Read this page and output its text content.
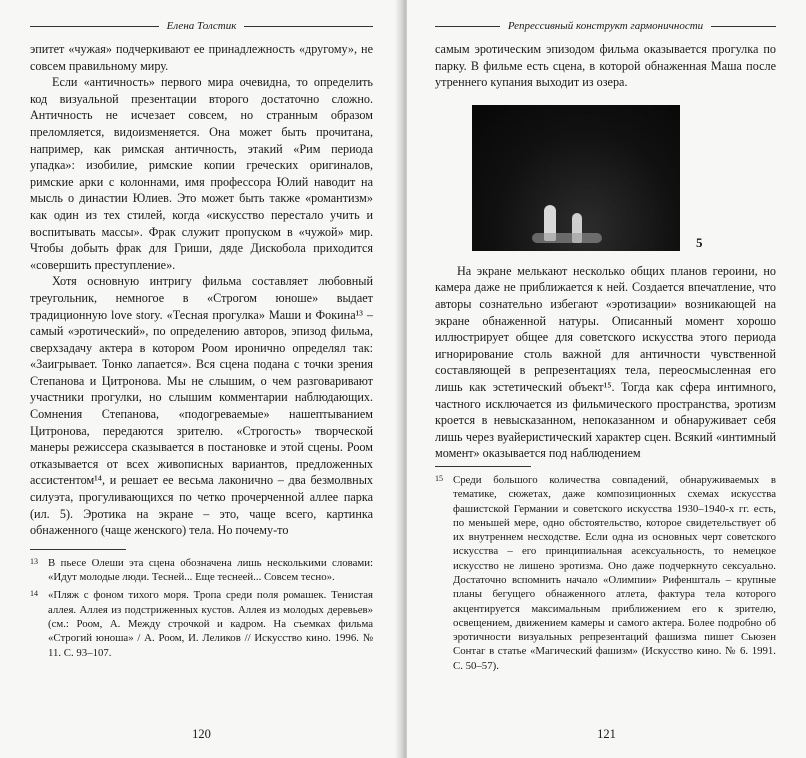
Елена Толстик

эпитет «чужая» подчеркивают ее принадлежность «другому», не совсем правильному миру.

Если «античность» первого мира очевидна, то определить код визуальной презентации второго достаточно сложно. Античность не исчезает совсем, но странным образом преломляется, видоизменяется. Она может быть прочитана, например, как римская античность, этакий «Рим периода упадка»: изобилие, римские копии греческих оригиналов, римские арки с колоннами, имя профессора Юлий наводит на мысль о династии Юлиев. Это может быть также «романтизм» как один из тех стилей, когда «искусство перестало учить и воспитывать массы». Фрак служит пропуском в «чужой» мир. Чтобы добыть фрак для Гриши, дяде Дискобола приходится «совершить преступление».

Хотя основную интригу фильма составляет любовный треугольник, немногое в «Строгом юноше» выдает традиционную love story. «Тесная прогулка» Маши и Фокина¹³ – самый «эротический», по определению авторов, эпизод фильма, сверхзадачу актера в котором Роом иронично определял так: «Заигрывает. Тонко лапается». Вся сцена подана с точки зрения Степанова и Цитронова. Мы не слышим, о чем разговаривают участники прогулки, но слышим комментарии наблюдающих. Сомнения Степанова, «подогреваемые» нашептыванием Цитронова, передаются зрителю. «Строгость» творческой манеры режиссера сказывается в постановке и этой сцены. Роом отказывается от всех живописных вариантов, предложенных ассистентом¹⁴, и решает ее весьма лаконично – два безмолвных силуэта, прогуливающихся по четко прочерченной аллее парка (ил. 5). Эротика на экране – это, чаще всего, картинка обнаженного (чаще женского) тела. Но почему-то

13 В пьесе Олеши эта сцена обозначена лишь несколькими словами: «Идут молодые люди. Тесней... Еще теснеей... Совсем тесно».
14 «Пляж с фоном тихого моря. Тропа среди поля ромашек. Тенистая аллея. Аллея из подстриженных кустов. Аллея из молодых деревьев» (см.: Роом, А. Между строчкой и кадром. На съемках фильма «Строгий юноша» / А. Роом, И. Леликов // Искусство кино. 1996. № 11. С. 93–107.
120
Репрессивный конструкт гармоничности

самым эротическим эпизодом фильма оказывается прогулка по парку. В фильме есть сцена, в которой обнаженная Маша после утреннего купания выходит из озера.

5

На экране мелькают несколько общих планов героини, но камера даже не приближается к ней. Создается впечатление, что авторы сознательно избегают «эротизации» возникающей на экране обнаженной натуры. Описанный момент хорошо иллюстрирует общее для советского искусства этого периода игнорирование столь важной для античности чувственной составляющей в репрезентациях тела, переосмысленная его лишь как эстетический объект¹⁵. Тогда как сфера интимного, частного исключается из фильмического пространства, эротизм кроется в невысказанном, непоказанном и обнаруживает себя лишь через вуайеристический характер сцен. Всякий «интимный момент» оказывается под наблюдением

15 Среди большого количества совпадений, обнаруживаемых в тематике, сюжетах, даже композиционных схемах искусства фашистской Германии и советского искусства 1930–1940-х гг. есть, по меньшей мере, одно обстоятельство, которое свидетельствует об их внутреннем несходстве. Если одна из основных черт советского искусства – его принципиальная асексуальность, то немецкое искусство не лишено эротизма. Оно даже подчеркнуто сексуально. Достаточно вспомнить начало «Олимпии» Рифеншталь – крупные планы бегущего обнаженного атлета, фактура тела которого акцентируется максимальным приближением его к зрителю, освещением, движением камеры и самого актера. Более подробно об эротичности визуальных репрезентаций фашизма пишет Сьюзен Сонтаг в статье «Магический фашизм» (Искусство кино. № 6. 1991. С. 50–57).
121
